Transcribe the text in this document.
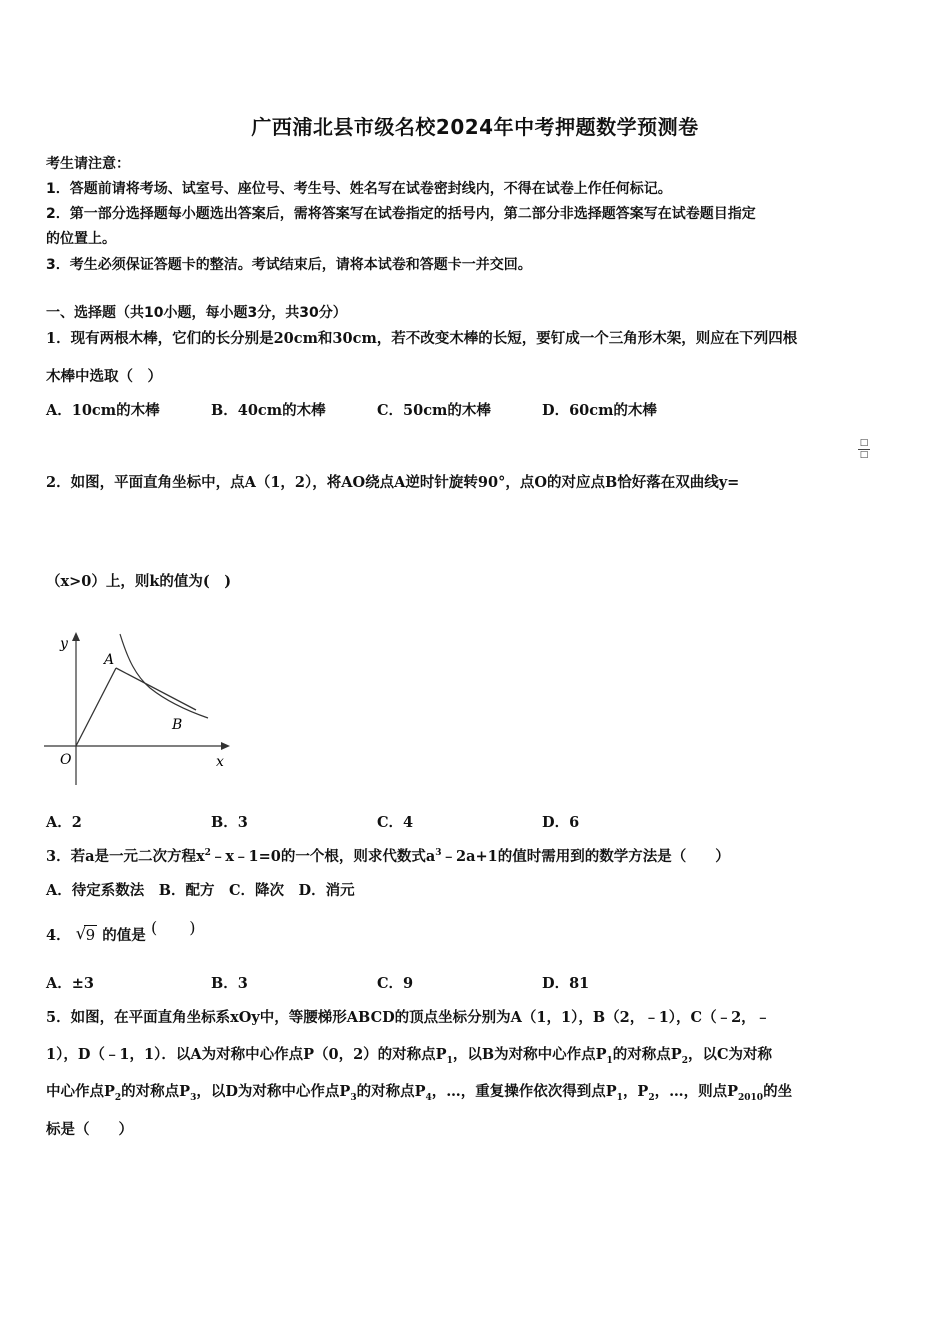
广西浦北县市级名校2024年中考押题数学预测卷
考生请注意：
1．答题前请将考场、试室号、座位号、考生号、姓名写在试卷密封线内，不得在试卷上作任何标记。
2．第一部分选择题每小题选出答案后，需将答案写在试卷指定的括号内，第二部分非选择题答案写在试卷题目指定
的位置上。
3．考生必须保证答题卡的整洁。考试结束后，请将本试卷和答题卡一并交回。
一、选择题（共10小题，每小题3分，共30分）
1．现有两根木棒，它们的长分别是20cm和30cm，若不改变木棒的长短，要钉成一个三角形木架，则应在下列四根
木棒中选取（　）
A．10cm的木棒	B．40cm的木棒	C．50cm的木棒	D．60cm的木棒
2．如图，平面直角坐标中，点A（1，2），将AO绕点A逆时针旋转90°，点O的对应点B恰好落在双曲线y=
□
□
（x>0）上，则k的值为(　)
y
x
O
A
B
A．2	B．3	C．4	D．6
3．若a是一元二次方程$x^2﹣x﹣1=0$的一个根，则求代数式$a^3﹣2a+1$的值时需用到的数学方法是（　　）
A．待定系数法　B．配方　C．降次　D．消元
4． √ 9 的值是 (　　)
A．±3	B．3	C．9	D．81
5．如图，在平面直角坐标系xOy中，等腰梯形ABCD的顶点坐标分别为A（1，1），B（2，﹣1），C（﹣2，﹣
1），D（﹣1，1）．以A为对称中心作点P（0，2）的对称点$P_1$，以B为对称中心作点$P_1$的对称点$P_2$，以C为对称
中心作点$P_2$的对称点$P_3$，以D为对称中心作点$P_3$的对称点$P_4$，…，重复操作依次得到点$P_1$，$P_2$，…，则点$P_{2010}$的坐
标是（　　）
